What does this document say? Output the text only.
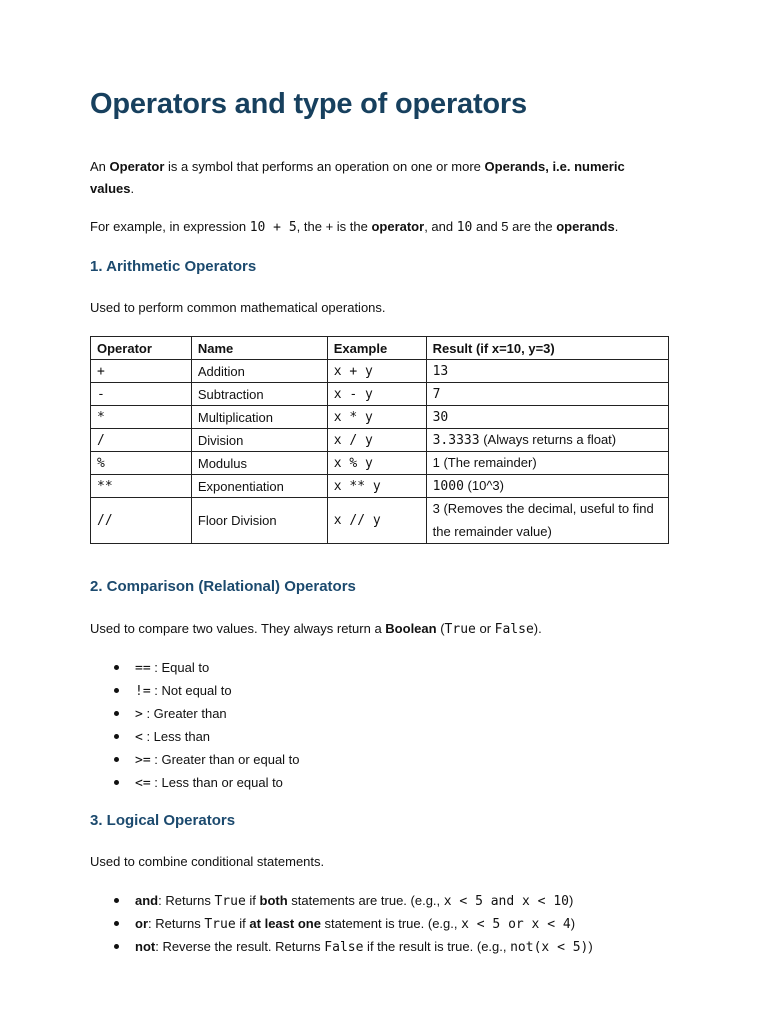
Operators and type of operators

An Operator is a symbol that performs an operation on one or more Operands, i.e. numeric values.

For example, in expression 10 + 5, the + is the operator, and 10 and 5 are the operands.

1. Arithmetic Operators

Used to perform common mathematical operations.

Operator	Name	Example	Result (if x=10, y=3)
+	Addition	x + y	13
-	Subtraction	x - y	7
*	Multiplication	x * y	30
/	Division	x / y	3.3333 (Always returns a float)
%	Modulus	x % y	1 (The remainder)
**	Exponentiation	x ** y	1000 (10^3)
//	Floor Division	x // y	3 (Removes the decimal, useful to find the remainder value)
2. Comparison (Relational) Operators

Used to compare two values. They always return a Boolean (True or False).

== : Equal to
!= : Not equal to
> : Greater than
< : Less than
>= : Greater than or equal to
<= : Less than or equal to
3. Logical Operators

Used to combine conditional statements.

and: Returns True if both statements are true. (e.g., x < 5 and x < 10)
or: Returns True if at least one statement is true. (e.g., x < 5 or x < 4)
not: Reverse the result. Returns False if the result is true. (e.g., not(x < 5))
